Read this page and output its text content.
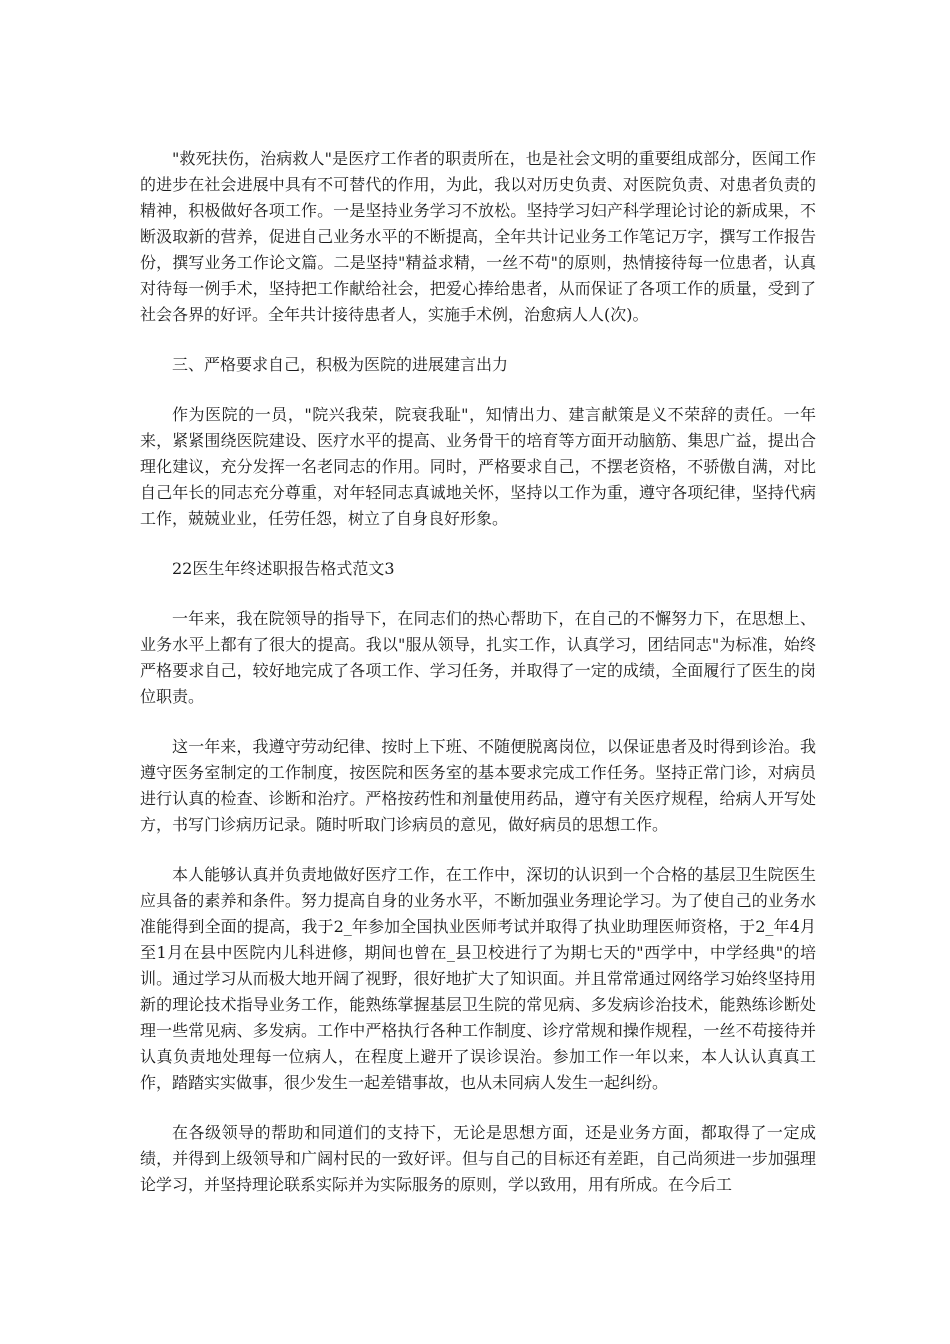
"救死扶伤，治病救人"是医疗工作者的职责所在，也是社会文明的重要组成部分，医闻工作的进步在社会进展中具有不可替代的作用，为此，我以对历史负责、对医院负责、对患者负责的精神，积极做好各项工作。一是坚持业务学习不放松。坚持学习妇产科学理论讨论的新成果，不断汲取新的营养，促进自己业务水平的不断提高，全年共计记业务工作笔记万字，撰写工作报告份，撰写业务工作论文篇。二是坚持"精益求精，一丝不苟"的原则，热情接待每一位患者，认真对待每一例手术，坚持把工作献给社会，把爱心捧给患者，从而保证了各项工作的质量，受到了社会各界的好评。全年共计接待患者人，实施手术例，治愈病人人(次)。

三、严格要求自己，积极为医院的进展建言出力

作为医院的一员，"院兴我荣，院衰我耻"，知情出力、建言献策是义不荣辞的责任。一年来，紧紧围绕医院建设、医疗水平的提高、业务骨干的培育等方面开动脑筋、集思广益，提出合理化建议，充分发挥一名老同志的作用。同时，严格要求自己，不摆老资格，不骄傲自满，对比自己年长的同志充分尊重，对年轻同志真诚地关怀，坚持以工作为重，遵守各项纪律，坚持代病工作，兢兢业业，任劳任怨，树立了自身良好形象。

22医生年终述职报告格式范文3

一年来，我在院领导的指导下，在同志们的热心帮助下，在自己的不懈努力下，在思想上、业务水平上都有了很大的提高。我以"服从领导，扎实工作，认真学习，团结同志"为标准，始终严格要求自己，较好地完成了各项工作、学习任务，并取得了一定的成绩，全面履行了医生的岗位职责。

这一年来，我遵守劳动纪律、按时上下班、不随便脱离岗位，以保证患者及时得到诊治。我遵守医务室制定的工作制度，按医院和医务室的基本要求完成工作任务。坚持正常门诊，对病员进行认真的检查、诊断和治疗。严格按药性和剂量使用药品，遵守有关医疗规程，给病人开写处方，书写门诊病历记录。随时听取门诊病员的意见，做好病员的思想工作。

本人能够认真并负责地做好医疗工作，在工作中，深切的认识到一个合格的基层卫生院医生应具备的素养和条件。努力提高自身的业务水平，不断加强业务理论学习。为了使自己的业务水准能得到全面的提高，我于2_年参加全国执业医师考试并取得了执业助理医师资格，于2_年4月至1月在县中医院内儿科进修，期间也曾在_县卫校进行了为期七天的"西学中，中学经典"的培训。通过学习从而极大地开阔了视野，很好地扩大了知识面。并且常常通过网络学习始终坚持用新的理论技术指导业务工作，能熟练掌握基层卫生院的常见病、多发病诊治技术，能熟练诊断处理一些常见病、多发病。工作中严格执行各种工作制度、诊疗常规和操作规程，一丝不苟接待并认真负责地处理每一位病人，在程度上避开了误诊误治。参加工作一年以来，本人认认真真工作，踏踏实实做事，很少发生一起差错事故，也从未同病人发生一起纠纷。

在各级领导的帮助和同道们的支持下，无论是思想方面，还是业务方面，都取得了一定成绩，并得到上级领导和广阔村民的一致好评。但与自己的目标还有差距，自己尚须进一步加强理论学习，并坚持理论联系实际并为实际服务的原则，学以致用，用有所成。在今后工
